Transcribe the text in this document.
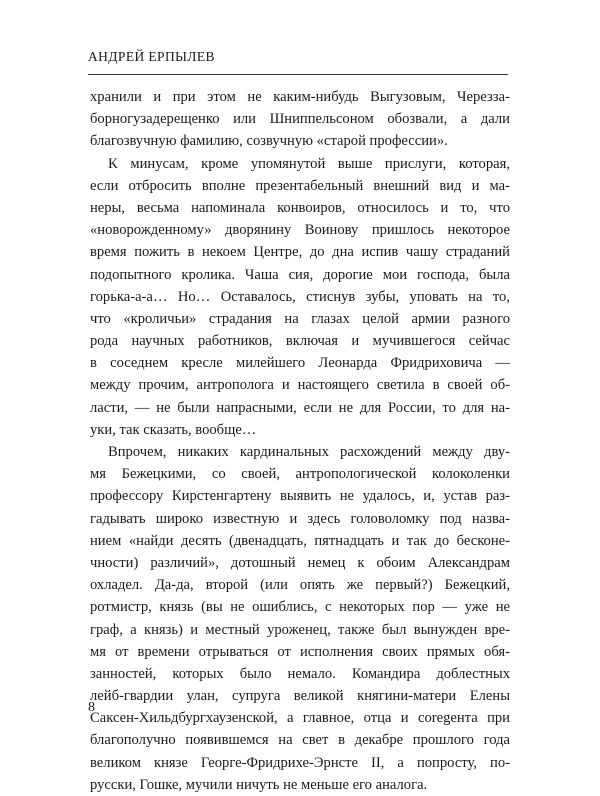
АНДРЕЙ ЕРПЫЛЕВ
хранили и при этом не каким-нибудь Выгузовым, Черезза-
борногузадерещенко или Шниппельсоном обозвали, а дали
благозвучную фамилию, созвучную «старой профессии».
К минусам, кроме упомянутой выше прислуги, которая,
если отбросить вполне презентабельный внешний вид и ма-
неры, весьма напоминала конвоиров, относилось и то, что
«новорожденному» дворянину Воинову пришлось некоторое
время пожить в некоем Центре, до дна испив чашу страданий
подопытного кролика. Чаша сия, дорогие мои господа, была
горька-а-а… Но… Оставалось, стиснув зубы, уповать на то,
что «кроличьи» страдания на глазах целой армии разного
рода научных работников, включая и мучившегося сейчас
в соседнем кресле милейшего Леонарда Фридриховича —
между прочим, антрополога и настоящего светила в своей об-
ласти, — не были напрасными, если не для России, то для на-
уки, так сказать, вообще…
Впрочем, никаких кардинальных расхождений между дву-
мя Бежецкими, со своей, антропологической колоколенки
профессору Кирстенгартену выявить не удалось, и, устав раз-
гадывать широко известную и здесь головоломку под назва-
нием «найди десять (двенадцать, пятнадцать и так до бесконе-
чности) различий», дотошный немец к обоим Александрам
охладел. Да-да, второй (или опять же первый?) Бежецкий,
ротмистр, князь (вы не ошиблись, с некоторых пор — уже не
граф, а князь) и местный уроженец, также был вынужден вре-
мя от времени отрываться от исполнения своих прямых обя-
занностей, которых было немало. Командира доблестных
лейб-гвардии улан, супруга великой княгини-матери Елены
Саксен-Хильдбургхаузенской, а главное, отца и соregента при
благополучно появившемся на свет в декабре прошлого года
великом князе Георге-Фридрихе-Эрнсте II, а попросту, по-
русски, Гошке, мучили ничуть не меньше его аналога.
8
